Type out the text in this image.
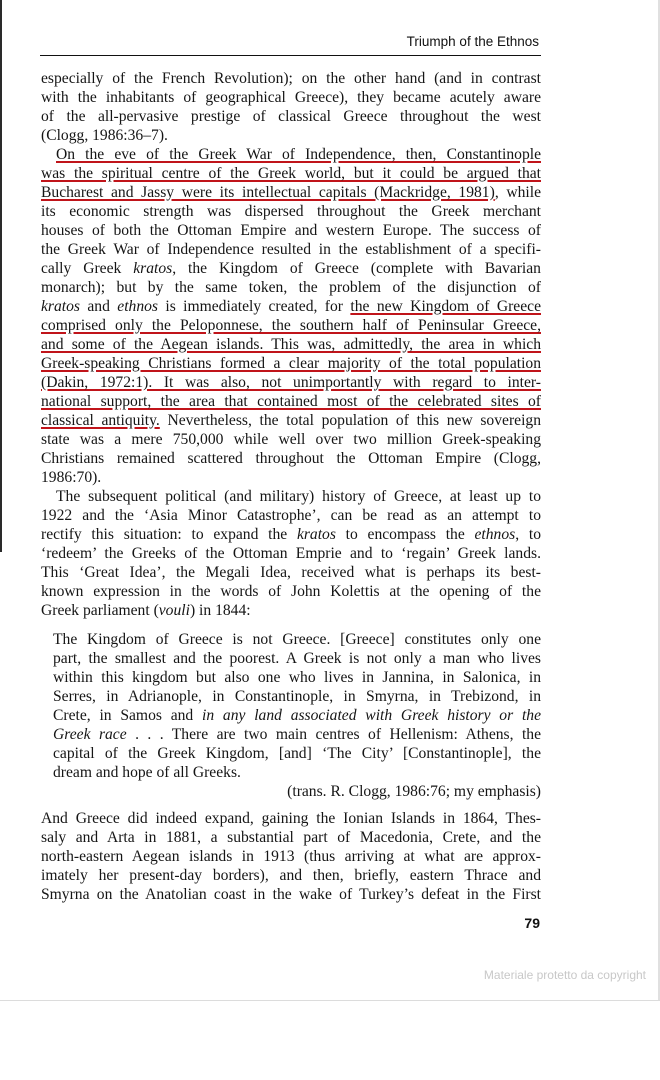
Triumph of the Ethnos
especially of the French Revolution); on the other hand (and in contrast
with the inhabitants of geographical Greece), they became acutely aware
of the all-pervasive prestige of classical Greece throughout the west
(Clogg, 1986:36–7).
On the eve of the Greek War of Independence, then, Constantinople
was the spiritual centre of the Greek world, but it could be argued that
Bucharest and Jassy were its intellectual capitals (Mackridge, 1981), while
its economic strength was dispersed throughout the Greek merchant
houses of both the Ottoman Empire and western Europe. The success of
the Greek War of Independence resulted in the establishment of a specifi-
cally Greek kratos, the Kingdom of Greece (complete with Bavarian
monarch); but by the same token, the problem of the disjunction of
kratos and ethnos is immediately created, for the new Kingdom of Greece
comprised only the Peloponnese, the southern half of Peninsular Greece,
and some of the Aegean islands. This was, admittedly, the area in which
Greek-speaking Christians formed a clear majority of the total population
(Dakin, 1972:1). It was also, not unimportantly with regard to inter-
national support, the area that contained most of the celebrated sites of
classical antiquity. Nevertheless, the total population of this new sovereign
state was a mere 750,000 while well over two million Greek-speaking
Christians remained scattered throughout the Ottoman Empire (Clogg,
1986:70).
The subsequent political (and military) history of Greece, at least up to
1922 and the ‘Asia Minor Catastrophe’, can be read as an attempt to
rectify this situation: to expand the kratos to encompass the ethnos, to
‘redeem’ the Greeks of the Ottoman Emprie and to ‘regain’ Greek lands.
This ‘Great Idea’, the Megali Idea, received what is perhaps its best-
known expression in the words of John Kolettis at the opening of the
Greek parliament (vouli) in 1844:
The Kingdom of Greece is not Greece. [Greece] constitutes only one
part, the smallest and the poorest. A Greek is not only a man who lives
within this kingdom but also one who lives in Jannina, in Salonica, in
Serres, in Adrianople, in Constantinople, in Smyrna, in Trebizond, in
Crete, in Samos and in any land associated with Greek history or the
Greek race . . . There are two main centres of Hellenism: Athens, the
capital of the Greek Kingdom, [and] ‘The City’ [Constantinople], the
dream and hope of all Greeks.
(trans. R. Clogg, 1986:76; my emphasis)
And Greece did indeed expand, gaining the Ionian Islands in 1864, Thes-
saly and Arta in 1881, a substantial part of Macedonia, Crete, and the
north-eastern Aegean islands in 1913 (thus arriving at what are approx-
imately her present-day borders), and then, briefly, eastern Thrace and
Smyrna on the Anatolian coast in the wake of Turkey’s defeat in the First
79
Materiale protetto da copyright
